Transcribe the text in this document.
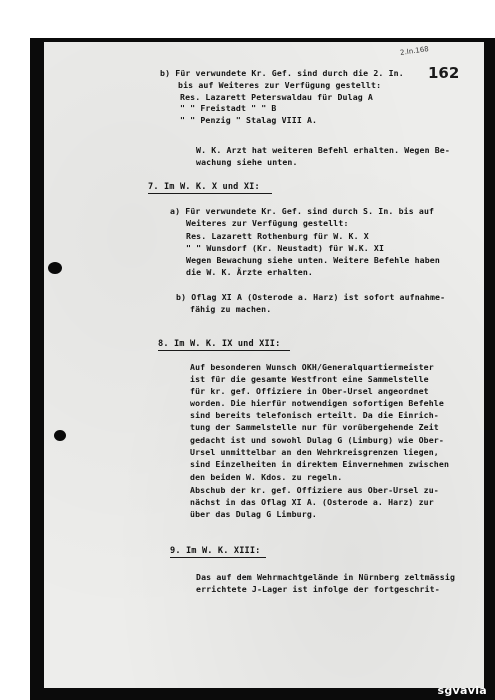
2.In.168
162
b) Für verwundete Kr. Gef. sind durch die 2. In.
bis auf Weiteres zur Verfügung gestellt:
Res. Lazarett Peterswaldau für Dulag A
" " Freistadt " " B
" " Penzig " Stalag VIII A.
W. K. Arzt hat weiteren Befehl erhalten. Wegen Be-
wachung siehe unten.
7. Im W. K. X und XI:
a) Für verwundete Kr. Gef. sind durch S. In. bis auf
Weiteres zur Verfügung gestellt:
Res. Lazarett Rothenburg für W. K. X
" " Wunsdorf (Kr. Neustadt) für W.K. XI
Wegen Bewachung siehe unten. Weitere Befehle haben
die W. K. Ärzte erhalten.
b) Oflag XI A (Osterode a. Harz) ist sofort aufnahme-
fähig zu machen.
8. Im W. K. IX und XII:
Auf besonderen Wunsch OKH/Generalquartiermeister
ist für die gesamte Westfront eine Sammelstelle
für kr. gef. Offiziere in Ober-Ursel angeordnet
worden. Die hierfür notwendigen sofortigen Befehle
sind bereits telefonisch erteilt. Da die Einrich-
tung der Sammelstelle nur für vorübergehende Zeit
gedacht ist und sowohl Dulag G (Limburg) wie Ober-
Ursel unmittelbar an den Wehrkreisgrenzen liegen,
sind Einzelheiten in direktem Einvernehmen zwischen
den beiden W. Kdos. zu regeln.
Abschub der kr. gef. Offiziere aus Ober-Ursel zu-
nächst in das Oflag XI A. (Osterode a. Harz) zur
über das Dulag G Limburg.
9. Im W. K. XIII:
Das auf dem Wehrmachtgelände in Nürnberg zeltmässig
errichtete J-Lager ist infolge der fortgeschrit-
sgvavia
